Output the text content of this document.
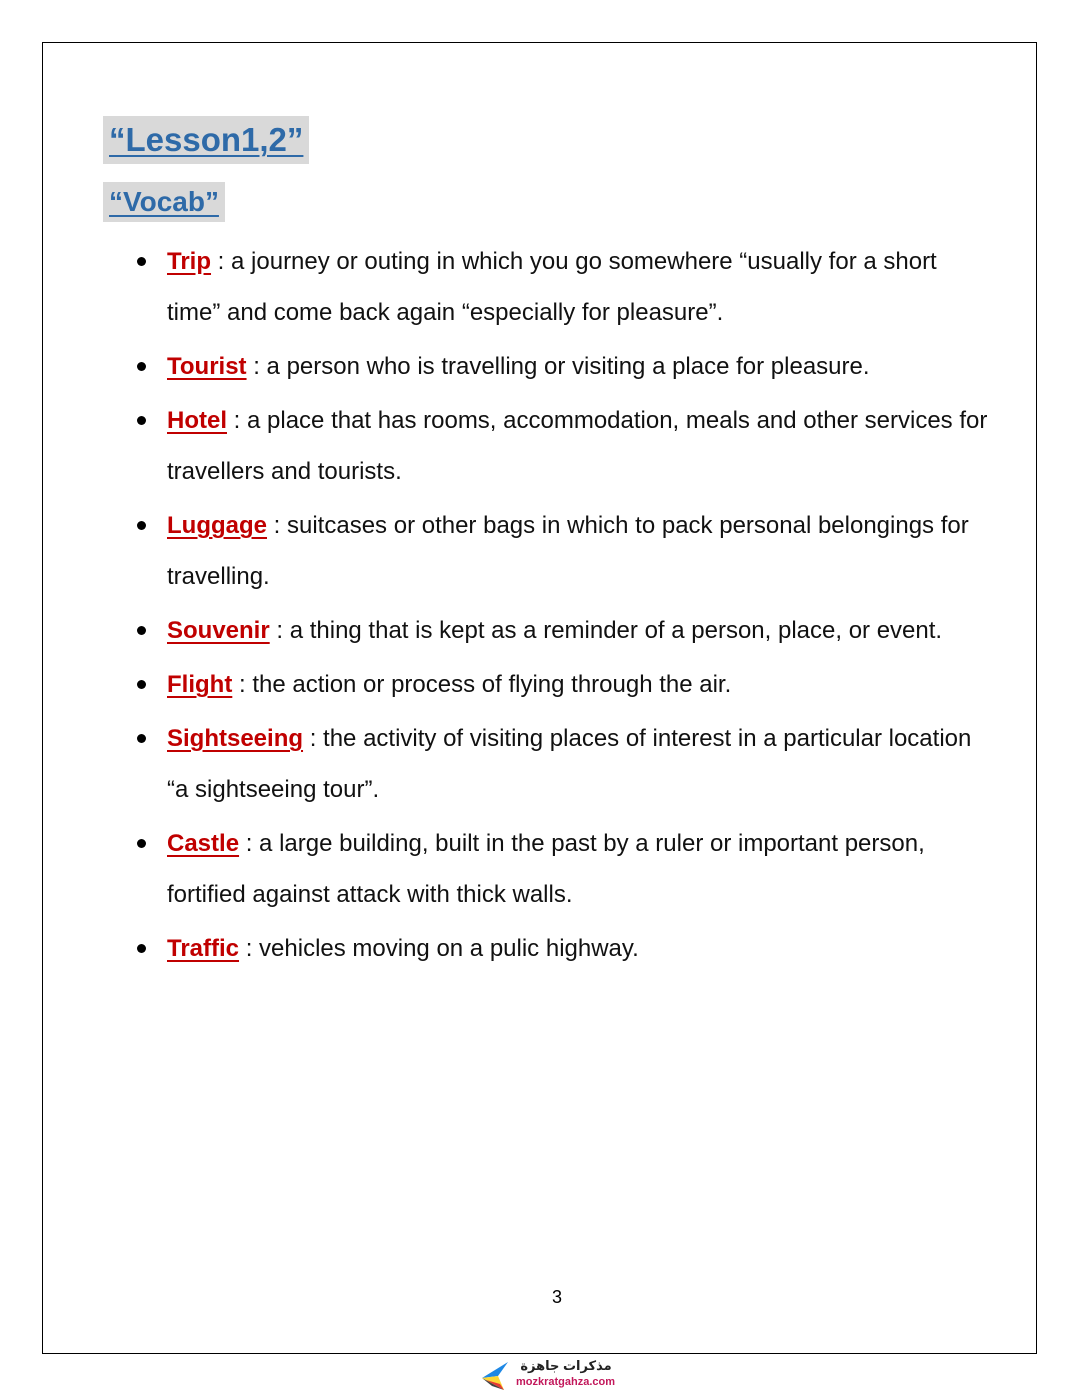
“Lesson1,2”
“Vocab”
Trip : a journey or outing in which you go somewhere “usually for a short time” and come back again “especially for pleasure”.
Tourist : a person who is travelling or visiting a place for pleasure.
Hotel : a place that has rooms, accommodation, meals and other services for travellers and tourists.
Luggage : suitcases or other bags in which to pack personal belongings for travelling.
Souvenir : a thing that is kept as a reminder of a person, place, or event.
Flight : the action or process of flying through the air.
Sightseeing : the activity of visiting places of interest in a particular location “a sightseeing tour”.
Castle : a large building, built in the past by a ruler or important person, fortified against attack with thick walls.
Traffic : vehicles moving on a pulic highway.
3
مذكرات جاهزة
mozkratgahza.com
